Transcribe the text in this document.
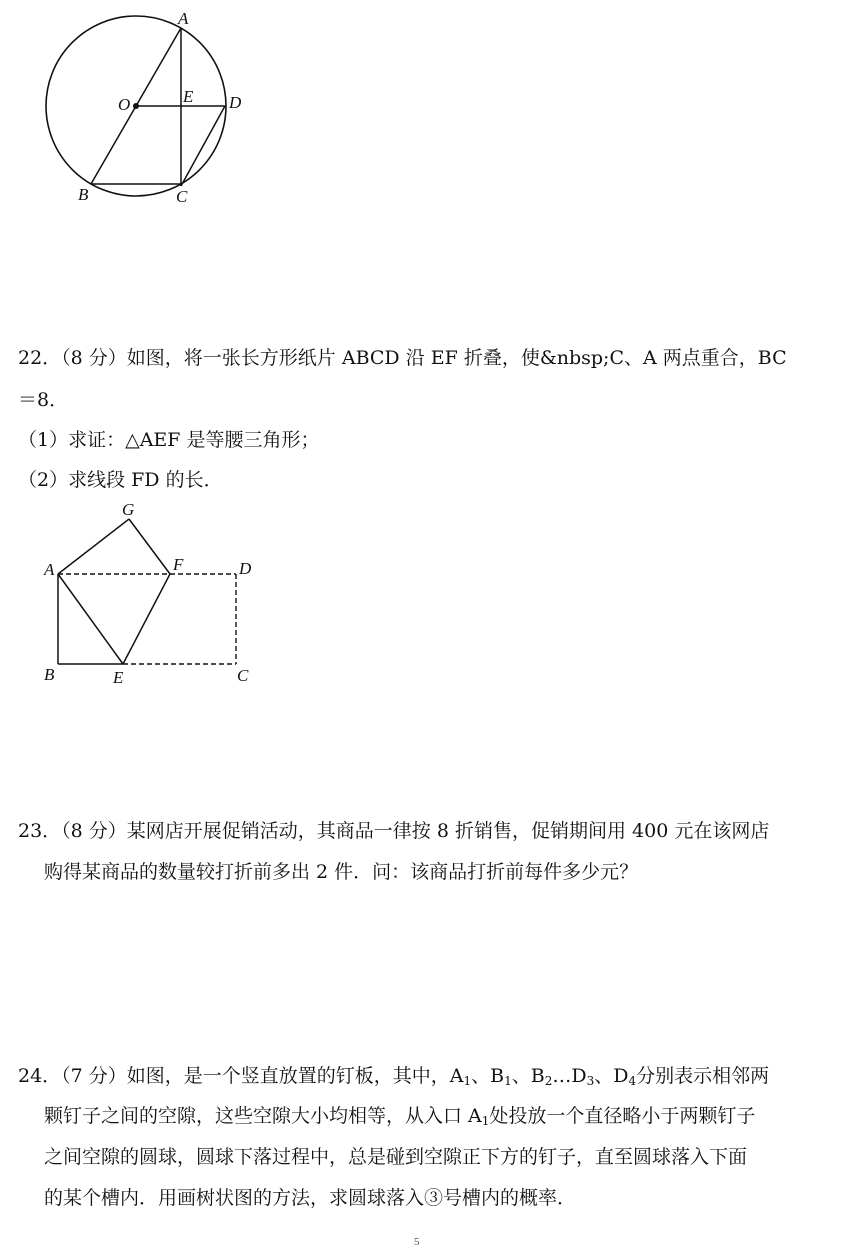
A
O	E D
B	C
22．（8 分）如图，将一张长方形纸片 ABCD 沿 EF 折叠，使&nbsp;C、A 两点重合，BC
＝8．
（1）求证：△AEF 是等腰三角形；
（2）求线段 FD 的长．
G
A	F	D
B	E	C
23．（8 分）某网店开展促销活动，其商品一律按 8 折销售，促销期间用 400 元在该网店
购得某商品的数量较打折前多出 2 件．问：该商品打折前每件多少元？
24．（7 分）如图，是一个竖直放置的钉板，其中，$A_1$、$B_1$、$B_2\dots D_3$、$D_4$分别表示相邻两
颗钉子之间的空隙，这些空隙大小均相等，从入口 $A_1$处投放一个直径略小于两颗钉子
之间空隙的圆球，圆球下落过程中，总是碰到空隙正下方的钉子，直至圆球落入下面
的某个槽内．用画树状图的方法，求圆球落入③号槽内的概率．
5
